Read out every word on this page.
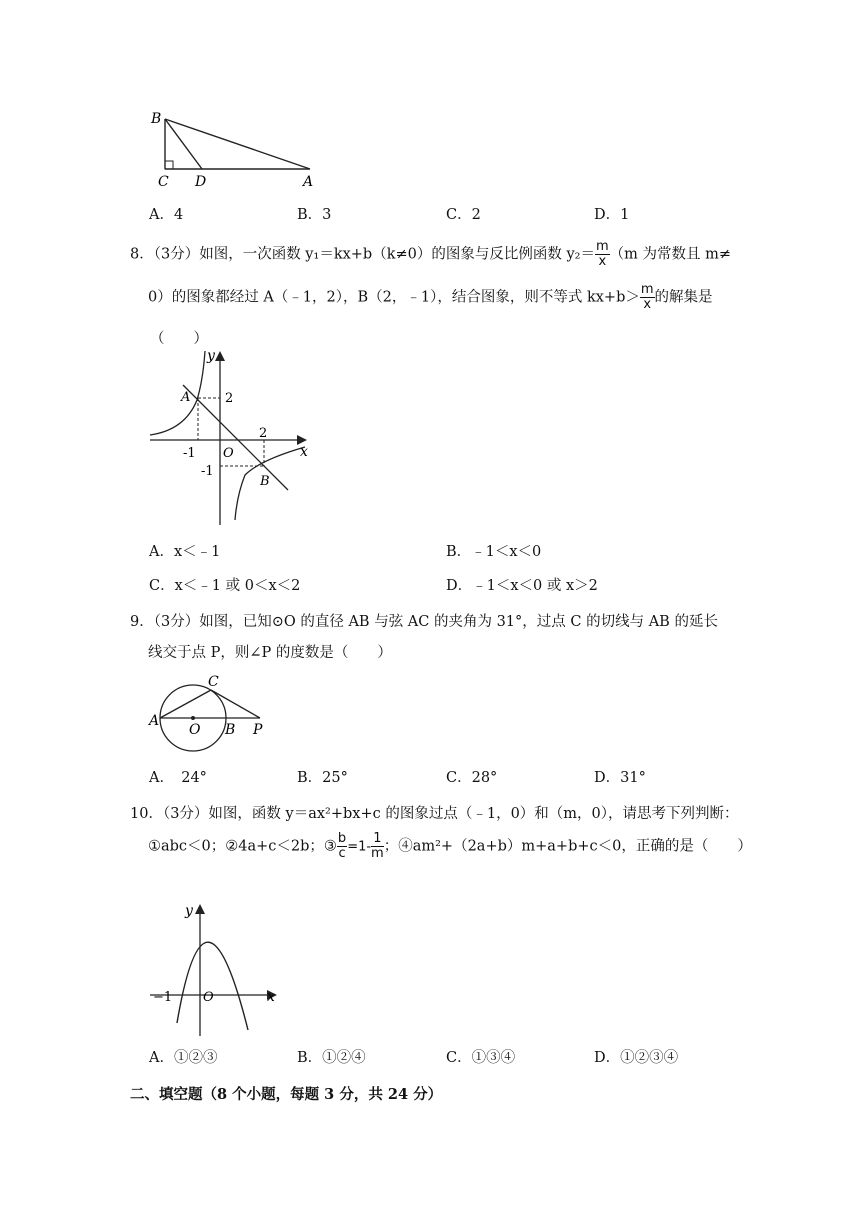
B
C D	A
A．4	B．3	C．2	D．1
8．（3分）如图，一次函数 y₁＝kx+b（k≠0）的图象与反比例函数 $y_2= \frac{m}{x} (m$ 为常数且 m≠
0）的图象都经过 A（﹣1，2），B（2，﹣1），结合图象，则不等式 $kx+b> \frac{m}{x}$ 的解集是
（　　）
y
x
A	2
2
-1 O
-1
B
A．x＜﹣1	B．﹣1＜x＜0
C．x＜﹣1 或 0＜x＜2	D．﹣1＜x＜0 或 x＞2
9．（3分）如图，已知⊙O 的直径 AB 与弦 AC 的夹角为 31°，过点 C 的切线与 AB 的延长
线交于点 P，则∠P 的度数是（　　）
A
O B P
C
A．　24°	B．25°	C．28°	D．31°
10．（3分）如图，函数 y＝ax²+bx+c 的图象过点（﹣1，0）和（m，0），请思考下列判断：
①abc＜0；②4a+c＜2b；③ $\frac{b}{c} =1- \frac{1}{m}$ ；④am²+（2a+b）m+a+b+c＜0，正确的是（　　）
y
x
−1 O
A．①②③	B．①②④	C．①③④	D．①②③④
二、填空题（8 个小题，每题 3 分，共 24 分）
